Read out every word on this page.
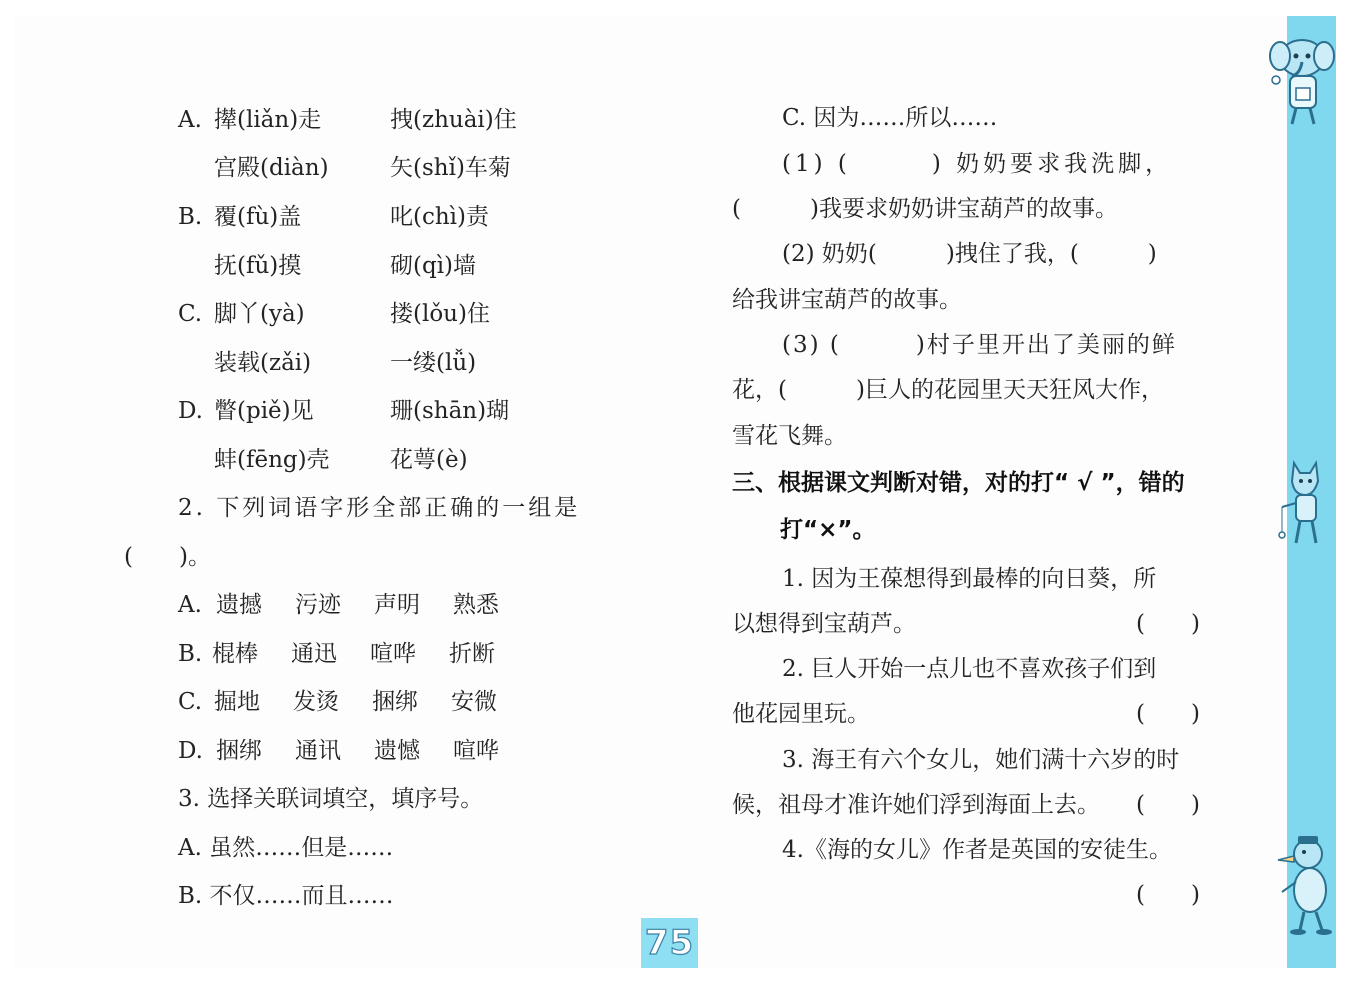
A. 撵(liǎn)走	拽(zhuài)住
宫殿(diàn)	矢(shǐ)车菊
B. 覆(fù)盖	叱(chì)责
抚(fǔ)摸	砌(qì)墙
C. 脚丫(yà)	搂(lǒu)住
装载(zǎi)	一缕(lǚ)
D. 瞥(piě)见	珊(shān)瑚
蚌(fēng)壳	花萼(è)
2. 下列词语字形全部正确的一组是
(　　)。
A. 遗撼 污迹 声明 熟悉
B. 棍棒 通迅 喧哗 折断
C. 掘地 发烫 捆绑 安微
D. 捆绑 通讯 遗憾 喧哗
3. 选择关联词填空，填序号。
A. 虽然……但是……
B. 不仅……而且……
C. 因为……所以……
(1) (　　　) 奶奶要求我洗脚，
(　　　)我要求奶奶讲宝葫芦的故事。
(2) 奶奶(　　　)拽住了我，(　　　)
给我讲宝葫芦的故事。
(3) (　　　)村子里开出了美丽的鲜
花，(　　　)巨人的花园里天天狂风大作，
雪花飞舞。
三、根据课文判断对错，对的打“ √ ”，错的
打“×”。
1. 因为王葆想得到最棒的向日葵，所
以想得到宝葫芦。	(　　)
2. 巨人开始一点儿也不喜欢孩子们到
他花园里玩。	(　　)
3. 海王有六个女儿，她们满十六岁的时
候，祖母才准许她们浮到海面上去。 (　　)
4.《海的女儿》作者是英国的安徒生。
(　　)
75
